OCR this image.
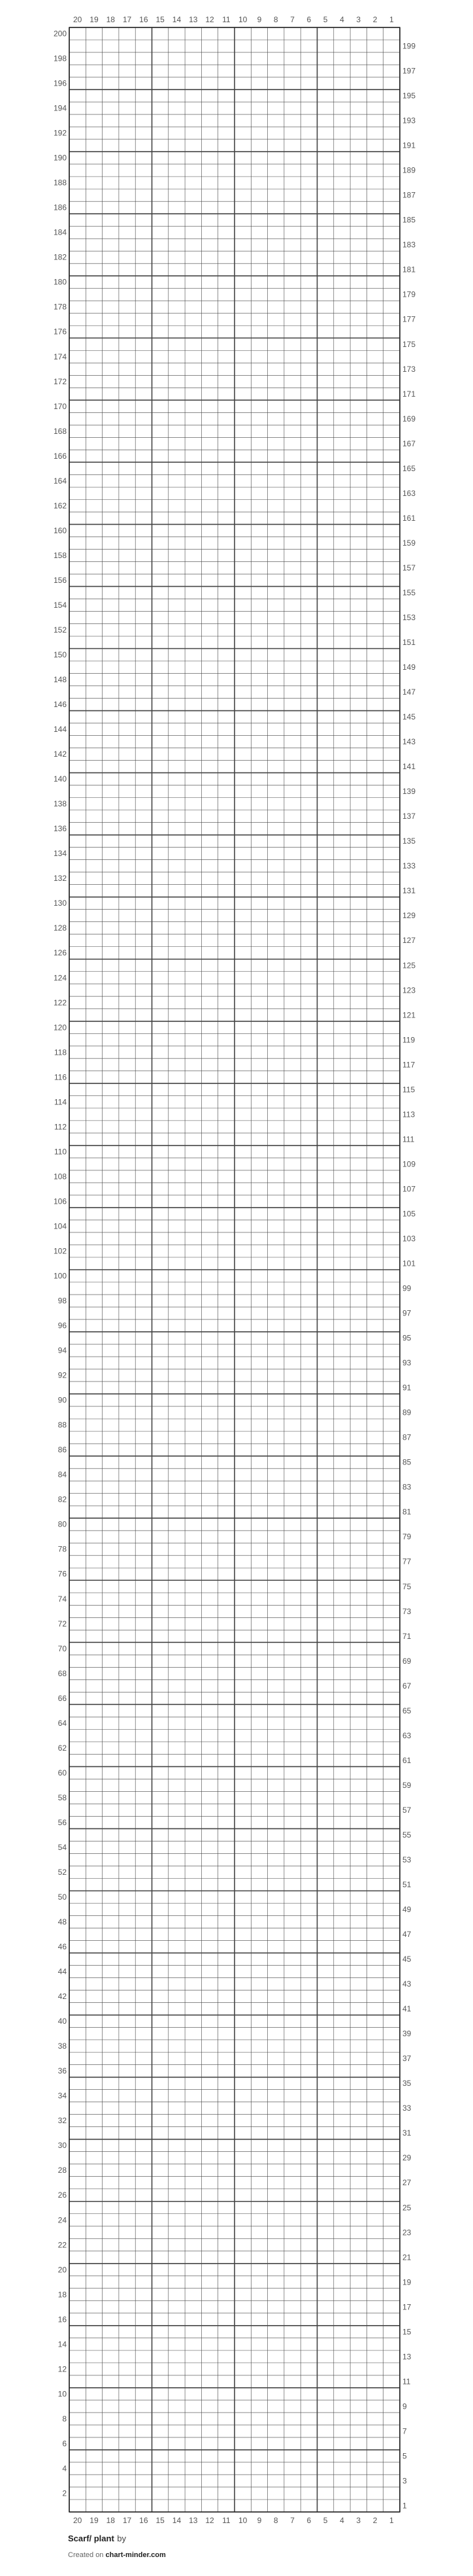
20
20
19
19
18
18
17
17
16
16
15
15
14
14
13
13
12
12
11
11
10
10
9
9
8
8
7
7
6
6
5
5
4
4
3
3
2
2
1
1
1
2
3
4
5
6
7
8
9
10
11
12
13
14
15
16
17
18
19
20
21
22
23
24
25
26
27
28
29
30
31
32
33
34
35
36
37
38
39
40
41
42
43
44
45
46
47
48
49
50
51
52
53
54
55
56
57
58
59
60
61
62
63
64
65
66
67
68
69
70
71
72
73
74
75
76
77
78
79
80
81
82
83
84
85
86
87
88
89
90
91
92
93
94
95
96
97
98
99
100
101
102
103
104
105
106
107
108
109
110
111
112
113
114
115
116
117
118
119
120
121
122
123
124
125
126
127
128
129
130
131
132
133
134
135
136
137
138
139
140
141
142
143
144
145
146
147
148
149
150
151
152
153
154
155
156
157
158
159
160
161
162
163
164
165
166
167
168
169
170
171
172
173
174
175
176
177
178
179
180
181
182
183
184
185
186
187
188
189
190
191
192
193
194
195
196
197
198
199
200
Scarf/ plant by
Created on chart-minder.com
